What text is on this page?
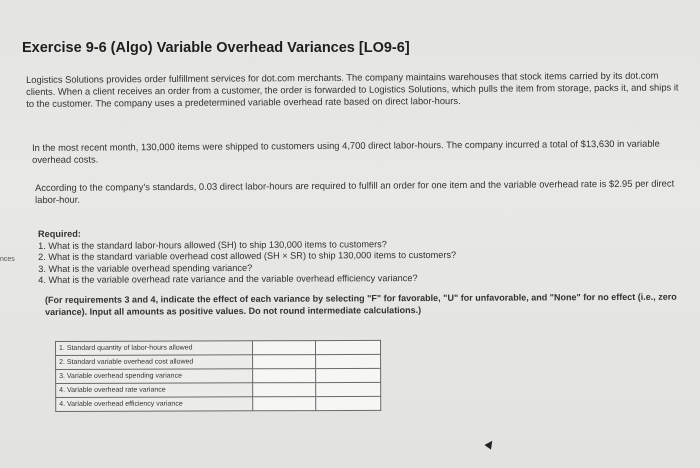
nces
Exercise 9-6 (Algo) Variable Overhead Variances [LO9-6]
Logistics Solutions provides order fulfillment services for dot.com merchants. The company maintains warehouses that stock items carried by its dot.com clients. When a client receives an order from a customer, the order is forwarded to Logistics Solutions, which pulls the item from storage, packs it, and ships it to the customer. The company uses a predetermined variable overhead rate based on direct labor-hours.
In the most recent month, 130,000 items were shipped to customers using 4,700 direct labor-hours. The company incurred a total of $13,630 in variable overhead costs.
According to the company's standards, 0.03 direct labor-hours are required to fulfill an order for one item and the variable overhead rate is $2.95 per direct labor-hour.
Required:
1. What is the standard labor-hours allowed (SH) to ship 130,000 items to customers?
2. What is the standard variable overhead cost allowed (SH × SR) to ship 130,000 items to customers?
3. What is the variable overhead spending variance?
4. What is the variable overhead rate variance and the variable overhead efficiency variance?
(For requirements 3 and 4, indicate the effect of each variance by selecting "F" for favorable, "U" for unfavorable, and "None" for no effect (i.e., zero variance). Input all amounts as positive values. Do not round intermediate calculations.)
1. Standard quantity of labor-hours allowed		
2. Standard variable overhead cost allowed		
3. Variable overhead spending variance		
4. Variable overhead rate variance		
4. Variable overhead efficiency variance		
